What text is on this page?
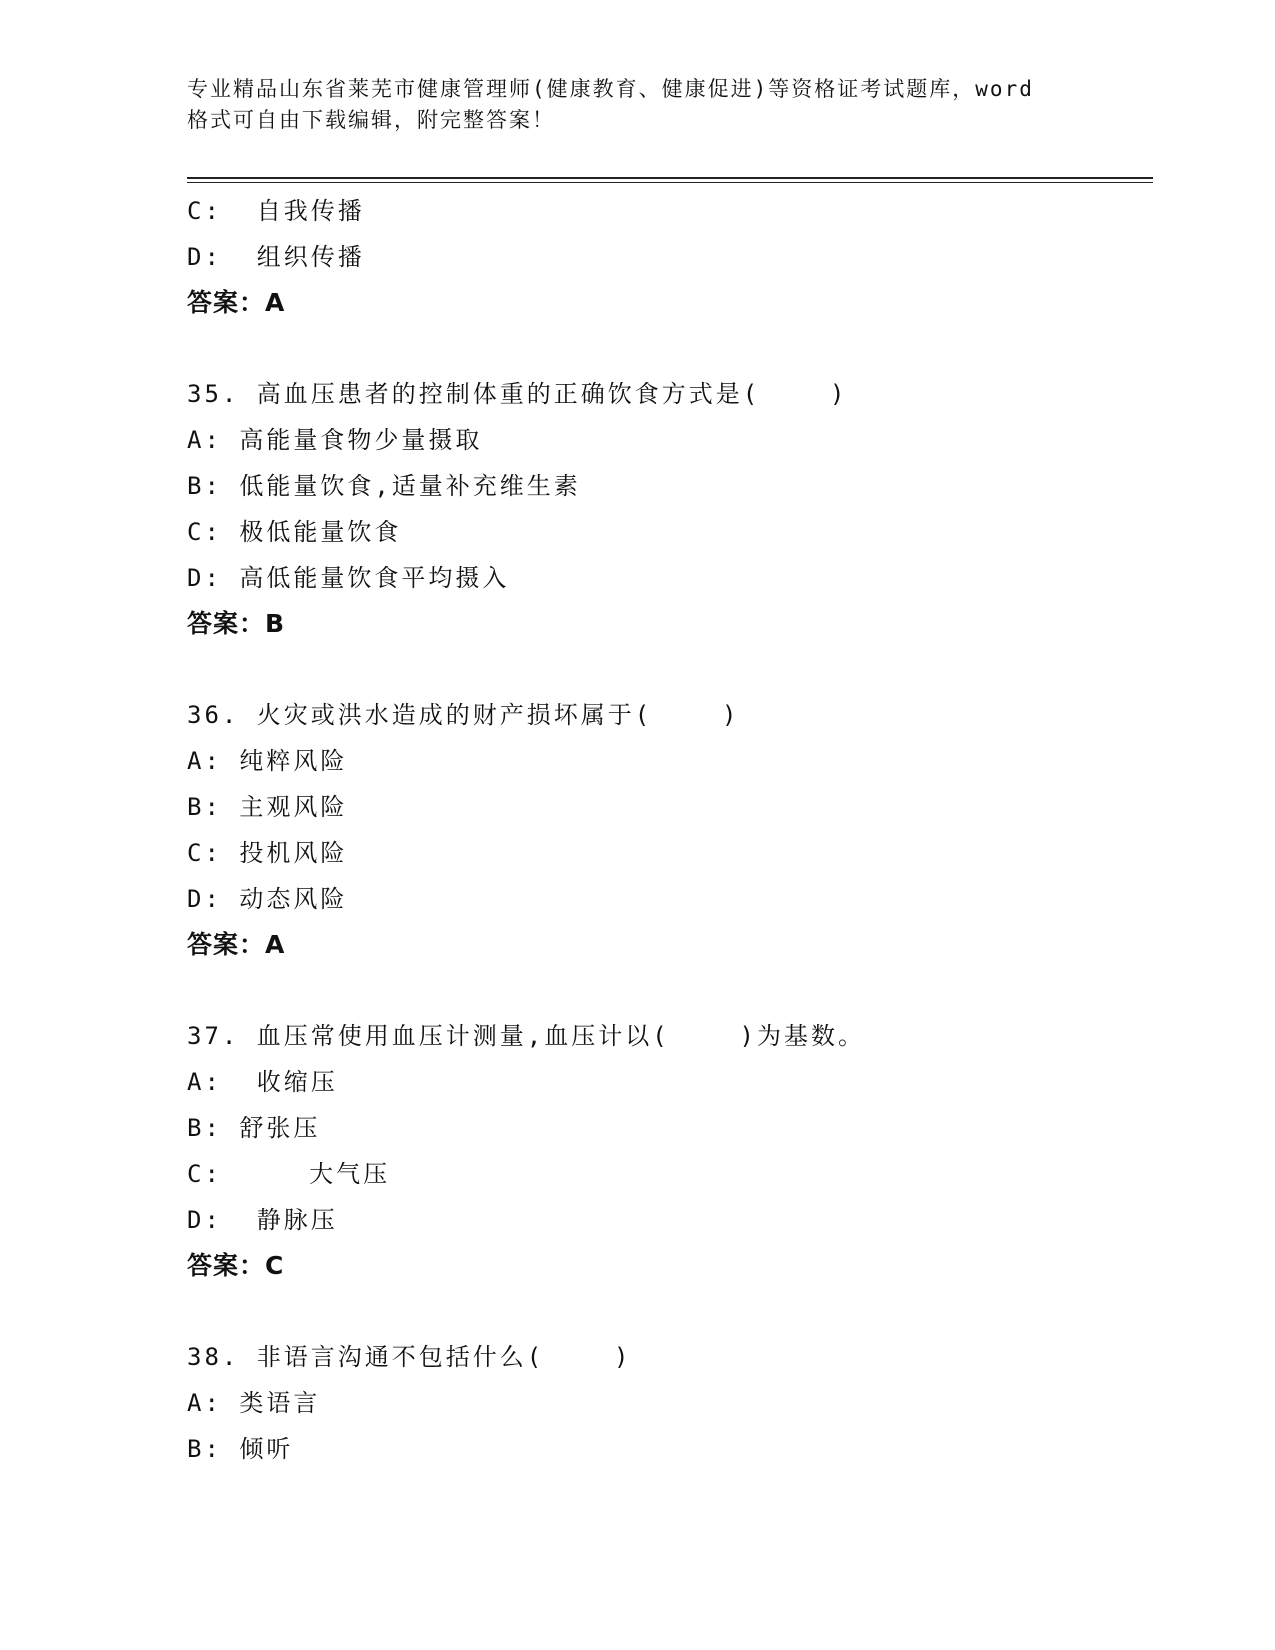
专业精品山东省莱芜市健康管理师(健康教育、健康促进)等资格证考试题库，word
格式可自由下载编辑，附完整答案！
C:  自我传播
D:  组织传播
答案：A
35. 高血压患者的控制体重的正确饮食方式是(    )
A: 高能量食物少量摄取
B: 低能量饮食,适量补充维生素
C: 极低能量饮食
D: 高低能量饮食平均摄入
答案：B
36. 火灾或洪水造成的财产损坏属于(    )
A: 纯粹风险
B: 主观风险
C: 投机风险
D: 动态风险
答案：A
37. 血压常使用血压计测量,血压计以(    )为基数。
A:  收缩压
B: 舒张压
C:     大气压
D:  静脉压
答案：C
38. 非语言沟通不包括什么(    )
A: 类语言
B: 倾听
